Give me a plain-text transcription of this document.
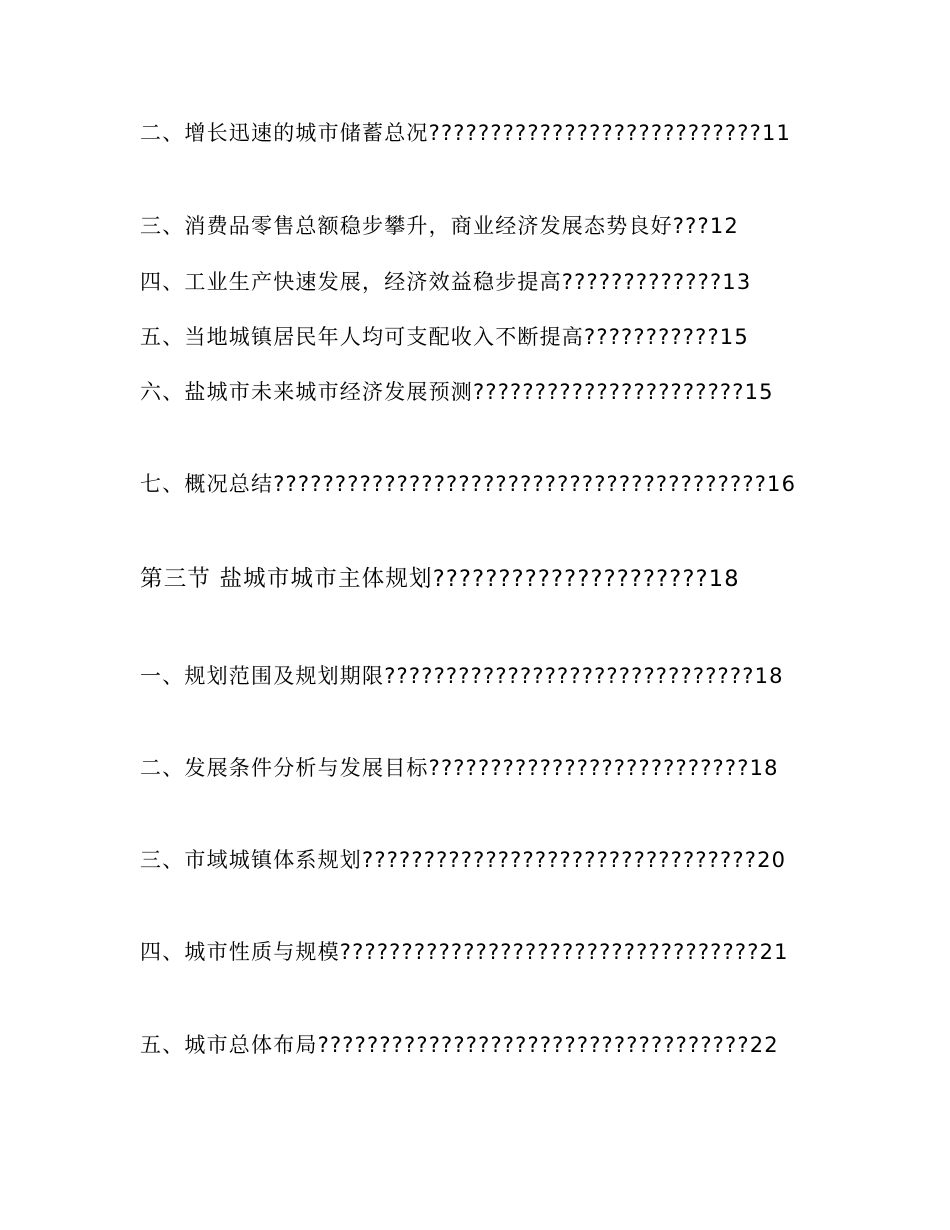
二、增长迅速的城市储蓄总况???????????????????????????11
三、消费品零售总额稳步攀升，商业经济发展态势良好???12
四、工业生产快速发展，经济效益稳步提高?????????????13
五、当地城镇居民年人均可支配收入不断提高???????????15
六、盐城市未来城市经济发展预测??????????????????????15
七、概况总结????????????????????????????????????????16
第三节 盐城市城市主体规划?????????????????????18
一、规划范围及规划期限??????????????????????????????18
二、发展条件分析与发展目标??????????????????????????18
三、市域城镇体系规划????????????????????????????????20
四、城市性质与规模??????????????????????????????????21
五、城市总体布局???????????????????????????????????22
